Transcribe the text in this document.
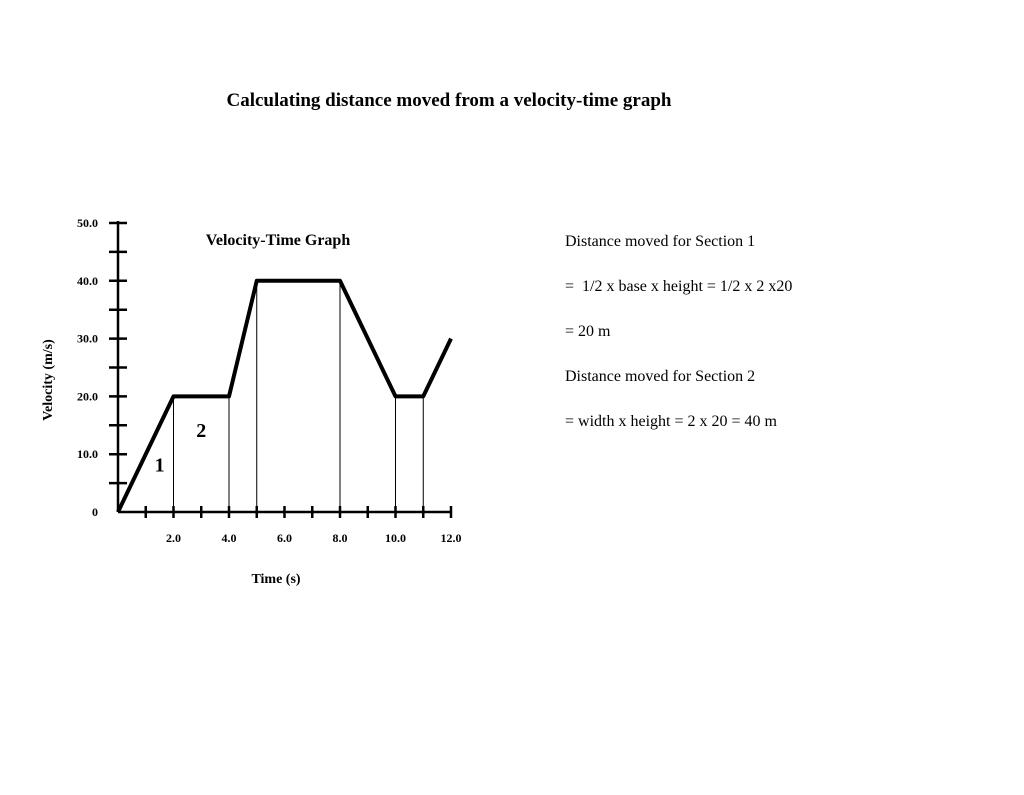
Calculating distance moved from a velocity-time graph
Velocity-Time Graph
Time (s)
Velocity (m/s)
2.0	4.0	6.0	8.0	10.0	12.0
0
10.0
20.0
30.0
40.0
50.0
1
2
Distance moved for Section 1
=  1/2 x base x height = 1/2 x 2 x20
= 20 m
Distance moved for Section 2
= width x height = 2 x 20 = 40 m
